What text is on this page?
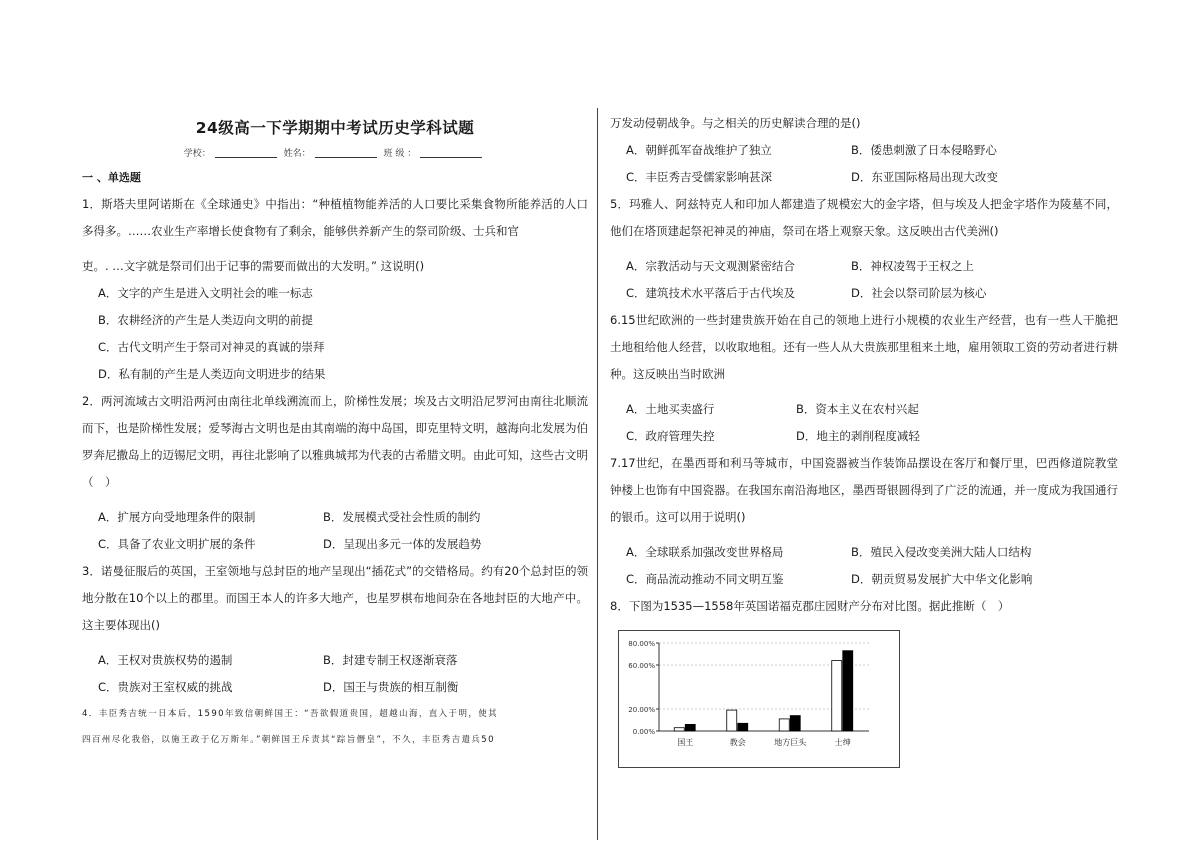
24级高一下学期期中考试历史学科试题
学校：	姓名：	班 级 ：
一 、单选题

1．斯塔夫里阿诺斯在《全球通史》中指出：“种植植物能养活的人口要比采集食物所能养活的人口多得多。……农业生产率增长使食物有了剩余，能够供养新产生的祭司阶级、士兵和官

吏。. …文字就是祭司们出于记事的需要而做出的大发明。” 这说明()

A．文字的产生是进入文明社会的唯一标志
B．农耕经济的产生是人类迈向文明的前提
C．古代文明产生于祭司对神灵的真诚的崇拜
D．私有制的产生是人类迈向文明进步的结果

2．两河流域古文明沿两河由南往北单线溯流而上，阶梯性发展；埃及古文明沿尼罗河由南往北顺流而下，也是阶梯性发展；爱琴海古文明也是由其南端的海中岛国，即克里特文明，越海向北发展为伯罗奔尼撒岛上的迈锡尼文明，再往北影响了以雅典城邦为代表的古希腊文明。由此可知，这些古文明（　）

A．扩展方向受地理条件的限制	B．发展模式受社会性质的制约
C．具备了农业文明扩展的条件	D．呈现出多元一体的发展趋势

3．诺曼征服后的英国，王室领地与总封臣的地产呈现出“插花式”的交错格局。约有20个总封臣的领地分散在10个以上的郡里。而国王本人的许多大地产，也星罗棋布地间杂在各地封臣的大地产中。这主要体现出()

A．王权对贵族权势的遏制	B．封建专制王权逐渐衰落
C．贵族对王室权威的挑战	D．国王与贵族的相互制衡

4．丰臣秀吉统一日本后，1590年致信朝鲜国王：“吾欲假道贵国，超越山海，直入于明，使其

四百州尽化我俗，以施王政于亿万斯年。”朝鲜国王斥责其“踪旨僭皇”，不久，丰臣秀吉遣兵50

万发动侵朝战争。与之相关的历史解读合理的是()

A．朝鲜孤军奋战维护了独立	B．倭患刺激了日本侵略野心
C．丰臣秀吉受儒家影响甚深	D．东亚国际格局出现大改变

5．玛雅人、阿兹特克人和印加人都建造了规模宏大的金字塔，但与埃及人把金字塔作为陵墓不同，他们在塔顶建起祭祀神灵的神庙，祭司在塔上观察天象。这反映出古代美洲()

A．宗教活动与天文观测紧密结合	B．神权凌驾于王权之上
C．建筑技术水平落后于古代埃及	D．社会以祭司阶层为核心

6.15世纪欧洲的一些封建贵族开始在自己的领地上进行小规模的农业生产经营，也有一些人干脆把土地租给他人经营，以收取地租。还有一些人从大贵族那里租来土地，雇用领取工资的劳动者进行耕种。这反映出当时欧洲

A．土地买卖盛行	B．资本主义在农村兴起
C．政府管理失控	D．地主的剥削程度减轻

7.17世纪，在墨西哥和利马等城市，中国瓷器被当作装饰品摆设在客厅和餐厅里，巴西修道院教堂钟楼上也饰有中国瓷器。在我国东南沿海地区，墨西哥银圆得到了广泛的流通，并一度成为我国通行的银币。这可以用于说明()

A．全球联系加强改变世界格局	B．殖民入侵改变美洲大陆人口结构
C．商品流动推动不同文明互鉴	D．朝贡贸易发展扩大中华文化影响

8．下图为1535—1558年英国诺福克郡庄园财产分布对比图。据此推断（　）

80.00%
60.00%
20.00%
0.00%
国王	教会	地方巨头	士绅
